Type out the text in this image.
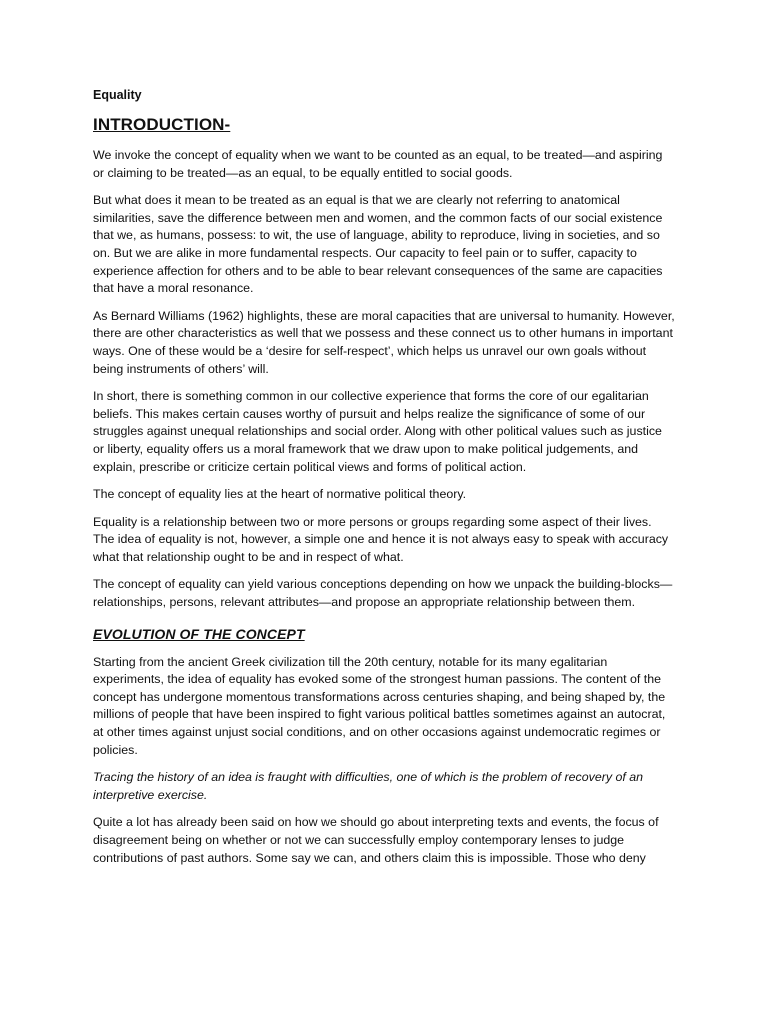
Equality
INTRODUCTION-

We invoke the concept of equality when we want to be counted as an equal, to be treated—and aspiring or claiming to be treated—as an equal, to be equally entitled to social goods.

But what does it mean to be treated as an equal is that we are clearly not referring to anatomical similarities, save the difference between men and women, and the common facts of our social existence that we, as humans, possess: to wit, the use of language, ability to reproduce, living in societies, and so on. But we are alike in more fundamental respects. Our capacity to feel pain or to suffer, capacity to experience affection for others and to be able to bear relevant consequences of the same are capacities that have a moral resonance.

As Bernard Williams (1962) highlights, these are moral capacities that are universal to humanity. However, there are other characteristics as well that we possess and these connect us to other humans in important ways. One of these would be a ‘desire for self-respect’, which helps us unravel our own goals without being instruments of others’ will.

In short, there is something common in our collective experience that forms the core of our egalitarian beliefs. This makes certain causes worthy of pursuit and helps realize the significance of some of our struggles against unequal relationships and social order. Along with other political values such as justice or liberty, equality offers us a moral framework that we draw upon to make political judgements, and explain, prescribe or criticize certain political views and forms of political action.

The concept of equality lies at the heart of normative political theory.

Equality is a relationship between two or more persons or groups regarding some aspect of their lives. The idea of equality is not, however, a simple one and hence it is not always easy to speak with accuracy what that relationship ought to be and in respect of what.

The concept of equality can yield various conceptions depending on how we unpack the building-blocks—relationships, persons, relevant attributes—and propose an appropriate relationship between them.

EVOLUTION OF THE CONCEPT

Starting from the ancient Greek civilization till the 20th century, notable for its many egalitarian experiments, the idea of equality has evoked some of the strongest human passions. The content of the concept has undergone momentous transformations across centuries shaping, and being shaped by, the millions of people that have been inspired to fight various political battles sometimes against an autocrat, at other times against unjust social conditions, and on other occasions against undemocratic regimes or policies.

Tracing the history of an idea is fraught with difficulties, one of which is the problem of recovery of an interpretive exercise.

Quite a lot has already been said on how we should go about interpreting texts and events, the focus of disagreement being on whether or not we can successfully employ contemporary lenses to judge contributions of past authors. Some say we can, and others claim this is impossible. Those who deny
